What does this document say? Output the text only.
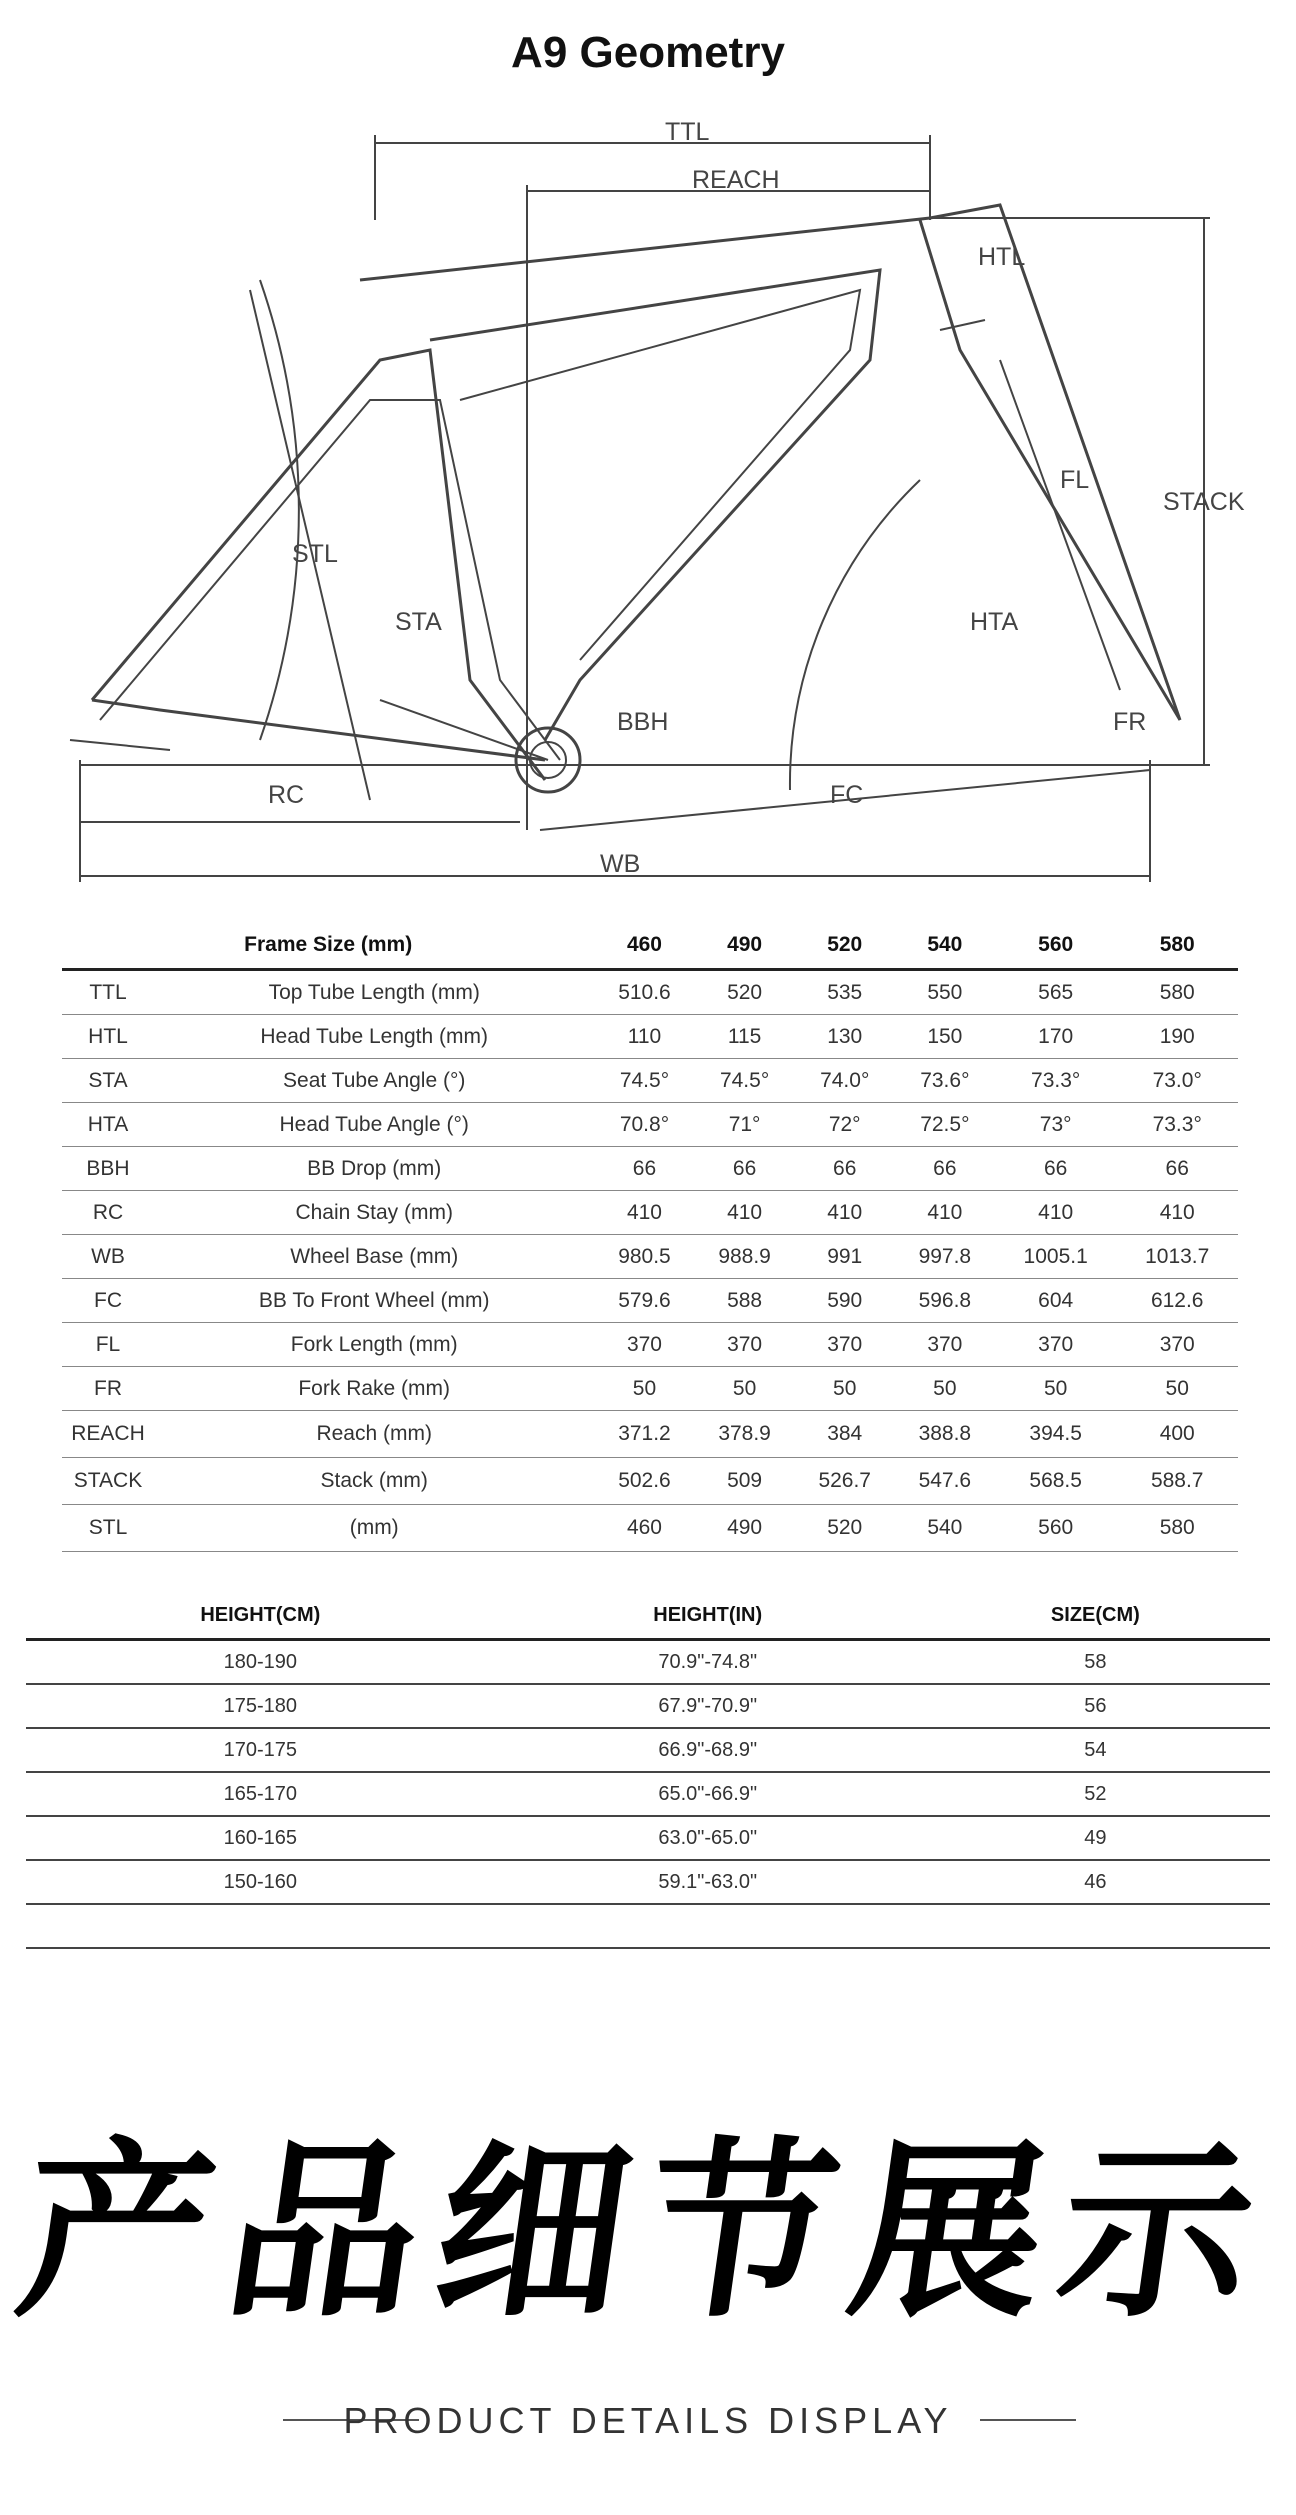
A9 Geometry
TTL
REACH
HTL
FL
STACK
STL
STA	HTA
BBH	FR
RC	FC
WB
Frame Size (mm)		460	490	520	540	560	580
TTL	Top Tube Length (mm)	510.6	520	535	550	565	580
HTL	Head Tube Length (mm)	110	115	130	150	170	190
STA	Seat Tube Angle (°)	74.5°	74.5°	74.0°	73.6°	73.3°	73.0°
HTA	Head Tube Angle (°)	70.8°	71°	72°	72.5°	73°	73.3°
BBH	BB Drop (mm)	66	66	66	66	66	66
RC	Chain Stay (mm)	410	410	410	410	410	410
WB	Wheel Base (mm)	980.5	988.9	991	997.8	1005.1	1013.7
FC	BB To Front Wheel (mm)	579.6	588	590	596.8	604	612.6
FL	Fork Length (mm)	370	370	370	370	370	370
FR	Fork Rake (mm)	50	50	50	50	50	50
REACH	Reach (mm)	371.2	378.9	384	388.8	394.5	400
STACK	Stack (mm)	502.6	509	526.7	547.6	568.5	588.7
STL	(mm)	460	490	520	540	560	580
HEIGHT(CM)	HEIGHT(IN)	SIZE(CM)
180-190	70.9"-74.8"	58
175-180	67.9"-70.9"	56
170-175	66.9"-68.9"	54
165-170	65.0"-66.9"	52
160-165	63.0"-65.0"	49
150-160	59.1"-63.0"	46

产品细节展示
PRODUCT DETAILS DISPLAY
